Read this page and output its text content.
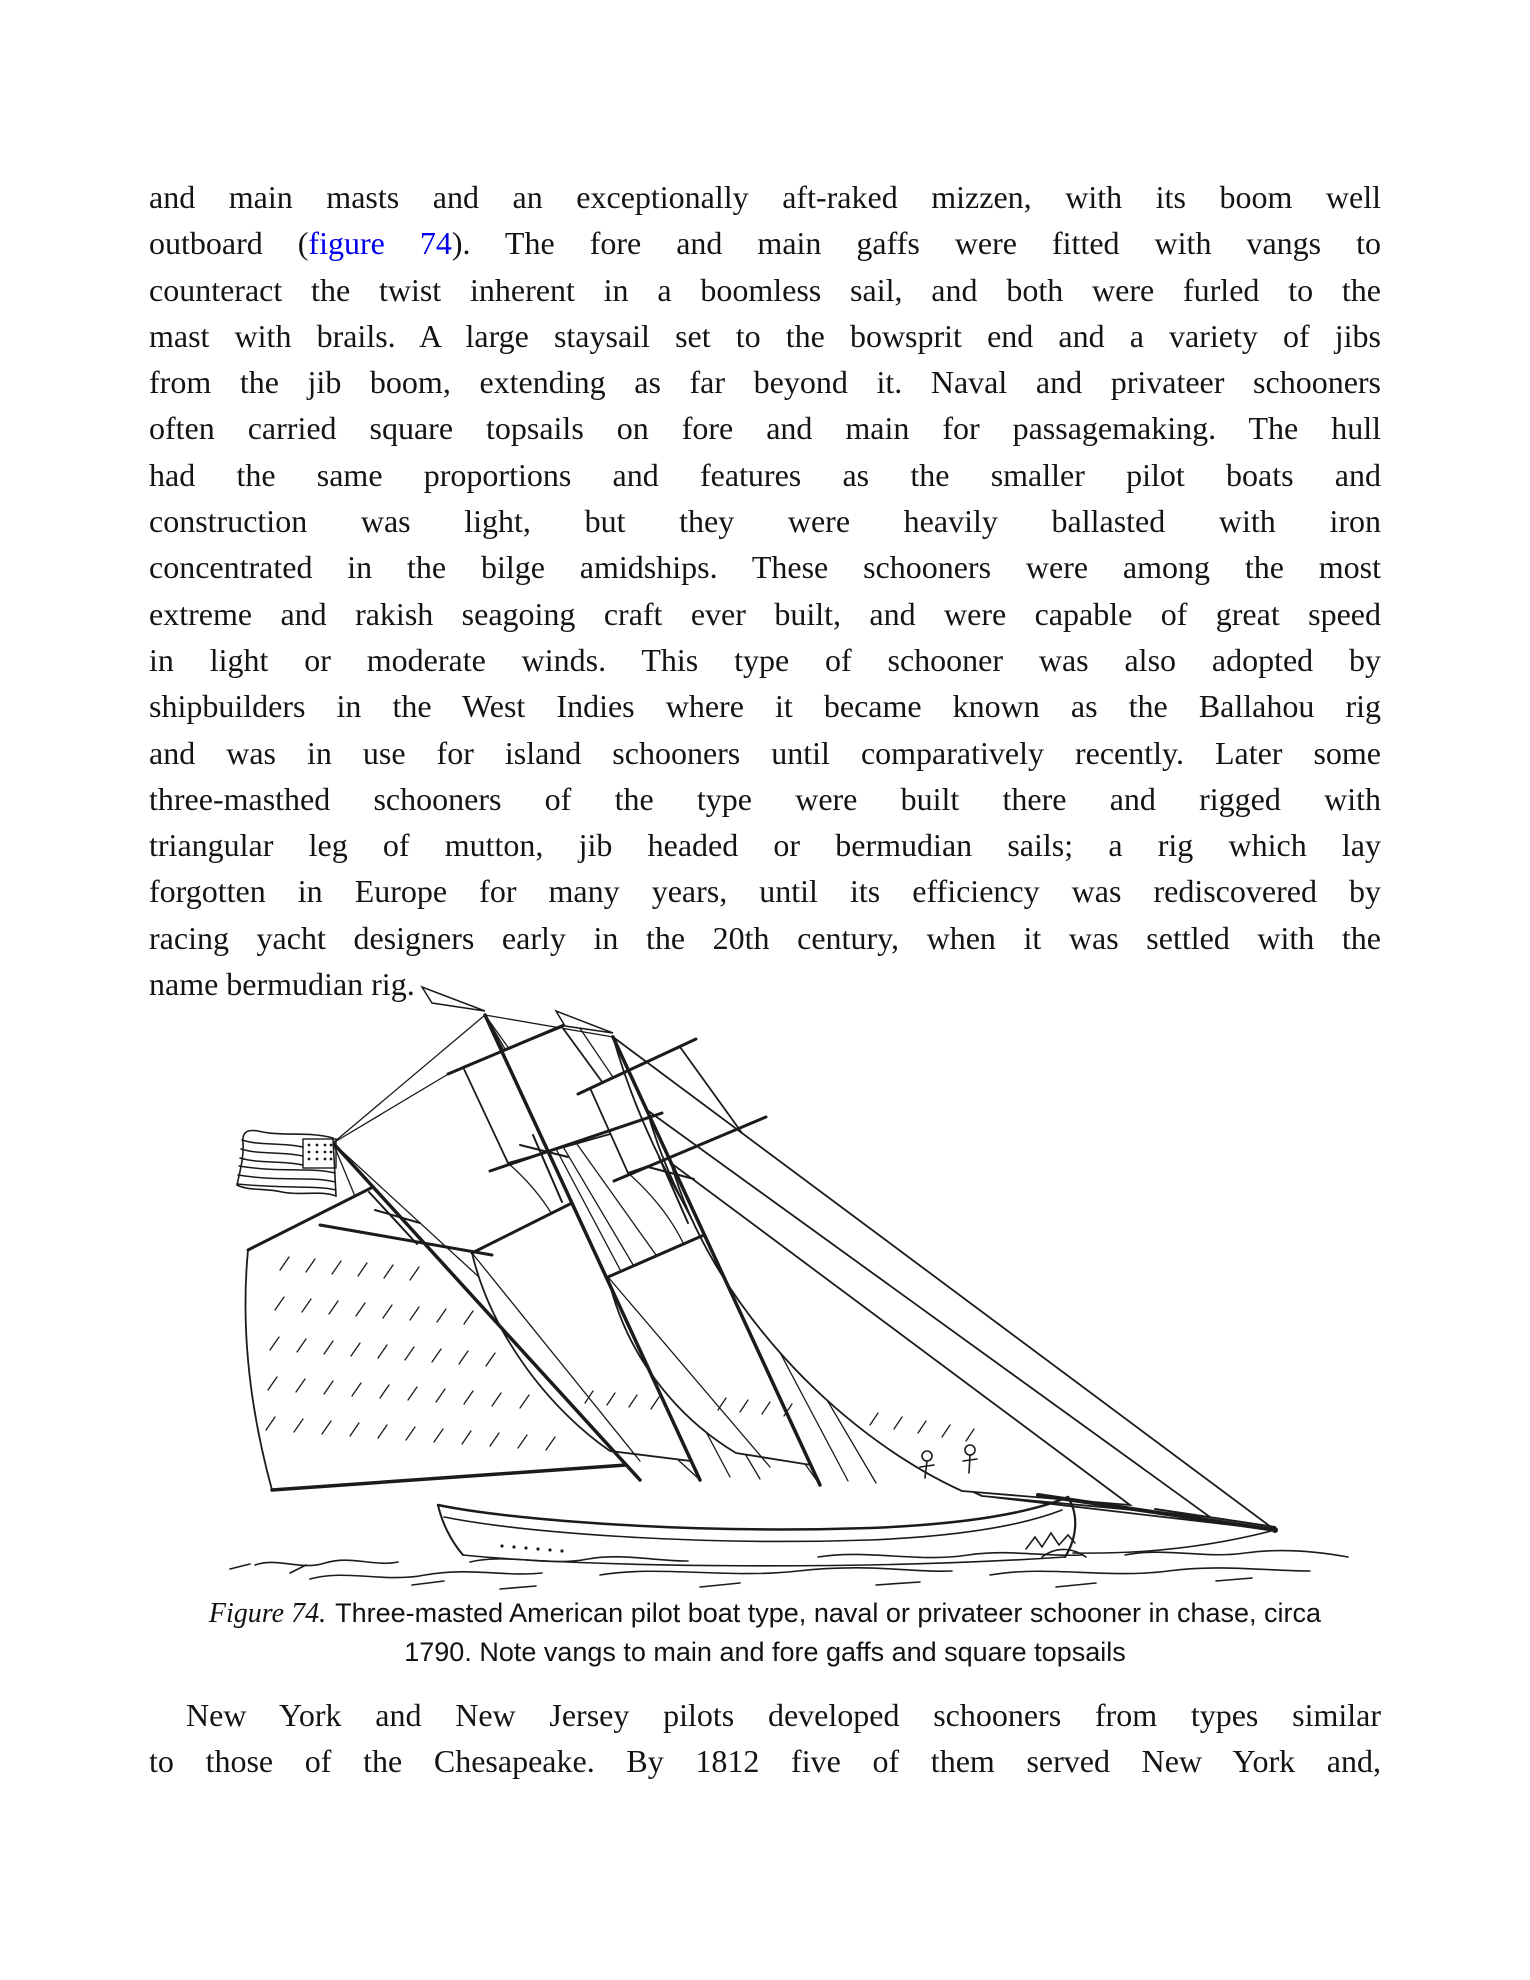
and main masts and an exceptionally aft-raked mizzen, with its boom well
outboard (figure 74). The fore and main gaffs were fitted with vangs to
counteract the twist inherent in a boomless sail, and both were furled to the
mast with brails. A large staysail set to the bowsprit end and a variety of jibs
from the jib boom, extending as far beyond it. Naval and privateer schooners
often carried square topsails on fore and main for passagemaking. The hull
had the same proportions and features as the smaller pilot boats and
construction was light, but they were heavily ballasted with iron
concentrated in the bilge amidships. These schooners were among the most
extreme and rakish seagoing craft ever built, and were capable of great speed
in light or moderate winds. This type of schooner was also adopted by
shipbuilders in the West Indies where it became known as the Ballahou rig
and was in use for island schooners until comparatively recently. Later some
three-masthed schooners of the type were built there and rigged with
triangular leg of mutton, jib headed or bermudian sails; a rig which lay
forgotten in Europe for many years, until its efficiency was rediscovered by
racing yacht designers early in the 20th century, when it was settled with the
name bermudian rig.
Figure 74. Three-masted American pilot boat type, naval or privateer schooner in chase, circa
1790. Note vangs to main and fore gaffs and square topsails
New York and New Jersey pilots developed schooners from types similar
to those of the Chesapeake. By 1812 five of them served New York and,
